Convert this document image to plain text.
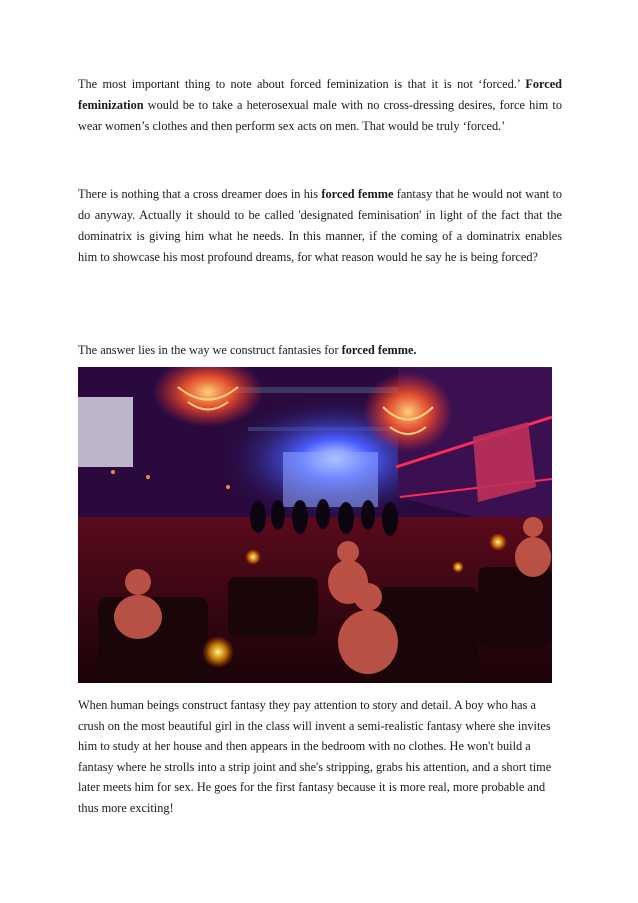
The most important thing to note about forced feminization is that it is not ‘forced.’ Forced feminization would be to take a heterosexual male with no cross-dressing desires, force him to wear women’s clothes and then perform sex acts on men. That would be truly ‘forced.’

There is nothing that a cross dreamer does in his forced femme fantasy that he would not want to do anyway. Actually it should to be called 'designated feminisation' in light of the fact that the dominatrix is giving him what he needs. In this manner, if the coming of a dominatrix enables him to showcase his most profound dreams, for what reason would he say he is being forced?

The answer lies in the way we construct fantasies for forced femme.

When human beings construct fantasy they pay attention to story and detail. A boy who has a crush on the most beautiful girl in the class will invent a semi-realistic fantasy where she invites him to study at her house and then appears in the bedroom with no clothes. He won't build a fantasy where he strolls into a strip joint and she's stripping, grabs his attention, and a short time later meets him for sex. He goes for the first fantasy because it is more real, more probable and thus more exciting!
